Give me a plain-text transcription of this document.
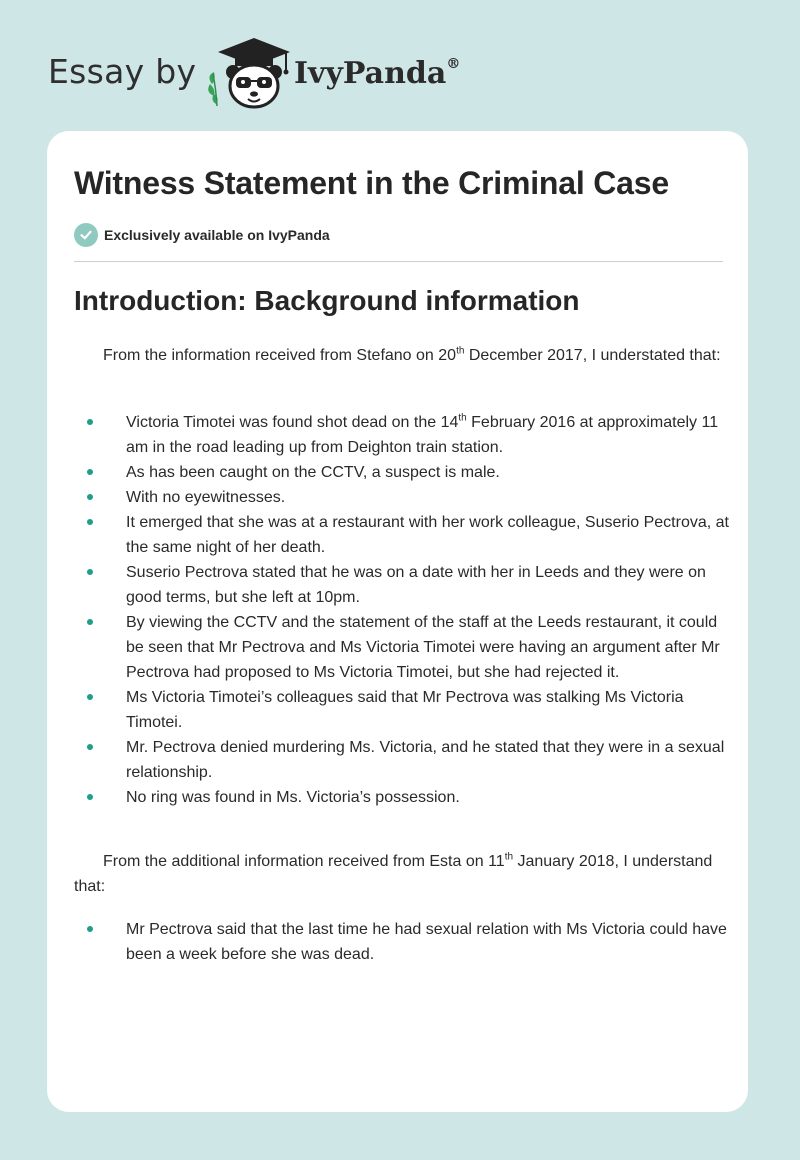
Essay by	IvyPanda®
Witness Statement in the Criminal Case
Exclusively available on IvyPanda
Introduction: Background information

From the information received from Stefano on 20th December 2017, I understated that:

Victoria Timotei was found shot dead on the 14th February 2016 at approximately 11 am in the road leading up from Deighton train station.
As has been caught on the CCTV, a suspect is male.
With no eyewitnesses.
It emerged that she was at a restaurant with her work colleague, Suserio Pectrova, at the same night of her death.
Suserio Pectrova stated that he was on a date with her in Leeds and they were on good terms, but she left at 10pm.
By viewing the CCTV and the statement of the staff at the Leeds restaurant, it could be seen that Mr Pectrova and Ms Victoria Timotei were having an argument after Mr Pectrova had proposed to Ms Victoria Timotei, but she had rejected it.
Ms Victoria Timotei’s colleagues said that Mr Pectrova was stalking Ms Victoria Timotei.
Mr. Pectrova denied murdering Ms. Victoria, and he stated that they were in a sexual relationship.
No ring was found in Ms. Victoria’s possession.

From the additional information received from Esta on 11th January 2018, I understand that:

Mr Pectrova said that the last time he had sexual relation with Ms Victoria could have been a week before she was dead.
